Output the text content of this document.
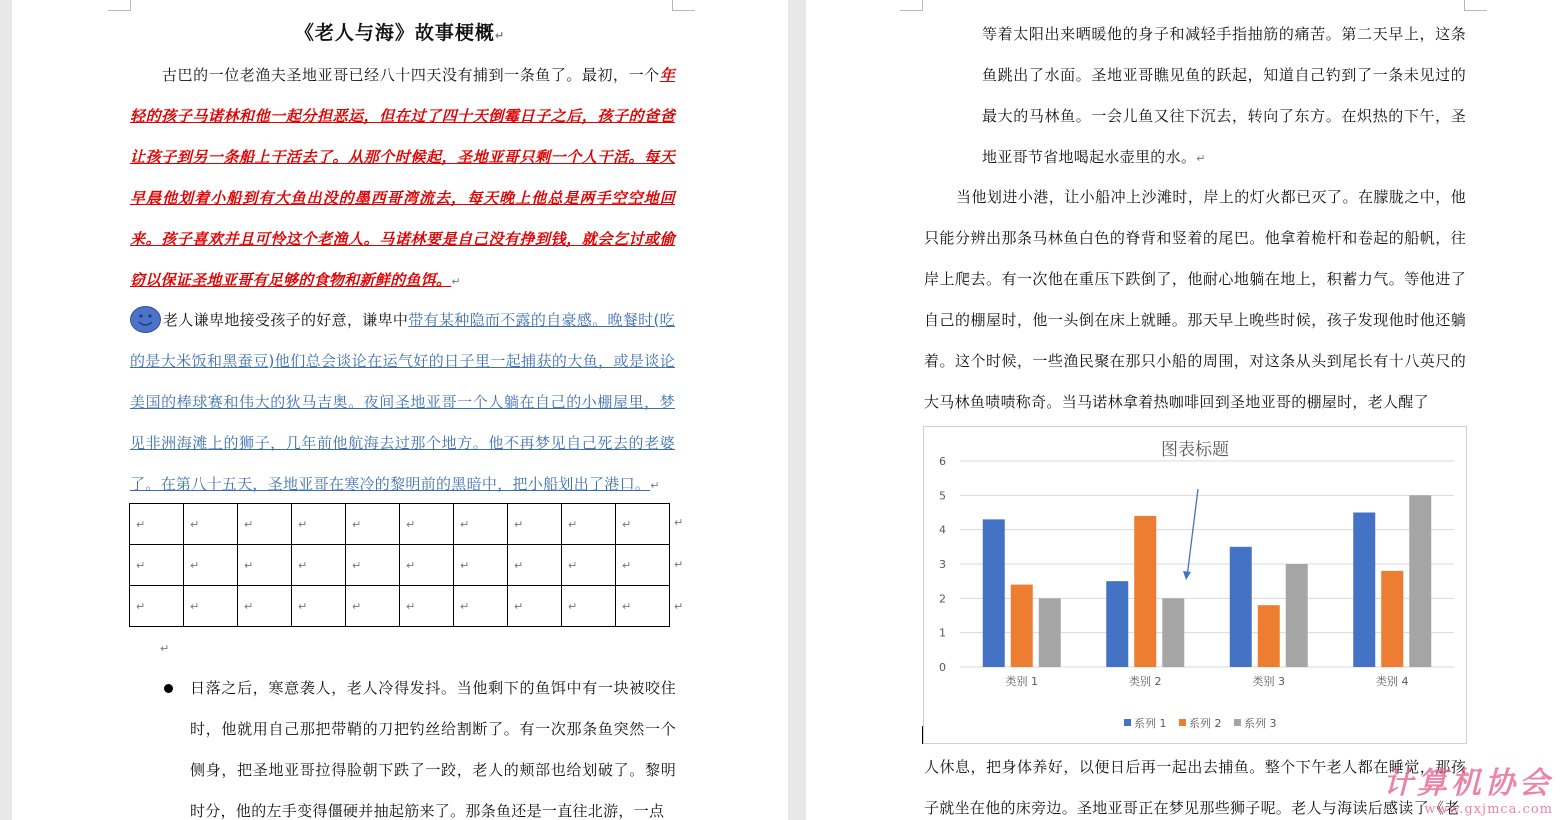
《老人与海》故事梗概↵

古巴的一位老渔夫圣地亚哥已经八十四天没有捕到一条鱼了。最初，一个年轻的孩子马诺林和他一起分担恶运，但在过了四十天倒霉日子之后，孩子的爸爸让孩子到另一条船上干活去了。从那个时候起，圣地亚哥只剩一个人干活。每天早晨他划着小船到有大鱼出没的墨西哥湾流去，每天晚上他总是两手空空地回来。孩子喜欢并且可怜这个老渔人。马诺林要是自己没有挣到钱，就会乞讨或偷窃以保证圣地亚哥有足够的食物和新鲜的鱼饵。↵

老人谦卑地接受孩子的好意，谦卑中带有某种隐而不露的自豪感。晚餐时(吃的是大米饭和黑蚕豆)他们总会谈论在运气好的日子里一起捕获的大鱼，或是谈论美国的棒球赛和伟大的狄马吉奥。夜间圣地亚哥一个人躺在自己的小棚屋里，梦见非洲海滩上的狮子，几年前他航海去过那个地方。他不再梦见自己死去的老婆了。在第八十五天，圣地亚哥在寒冷的黎明前的黑暗中，把小船划出了港口。↵

↵	↵	↵	↵	↵	↵	↵	↵	↵	↵
↵	↵	↵	↵	↵	↵	↵	↵	↵	↵
↵	↵	↵	↵	↵	↵	↵	↵	↵	↵
↵
↵
↵
↵

日落之后，寒意袭人，老人冷得发抖。当他剩下的鱼饵中有一块被咬住时，他就用自己那把带鞘的刀把钓丝给割断了。有一次那条鱼突然一个侧身，把圣地亚哥拉得脸朝下跌了一跤，老人的颊部也给划破了。黎明时分，他的左手变得僵硬并抽起筋来了。那条鱼还是一直往北游，一点

等着太阳出来晒暖他的身子和减轻手指抽筋的痛苦。第二天早上，这条鱼跳出了水面。圣地亚哥瞧见鱼的跃起，知道自己钓到了一条未见过的最大的马林鱼。一会儿鱼又往下沉去，转向了东方。在炽热的下午，圣地亚哥节省地喝起水壶里的水。↵

当他划进小港，让小船冲上沙滩时，岸上的灯火都已灭了。在朦胧之中，他只能分辨出那条马林鱼白色的脊背和竖着的尾巴。他拿着桅杆和卷起的船帆，往岸上爬去。有一次他在重压下跌倒了，他耐心地躺在地上，积蓄力气。等他进了自己的棚屋时，他一头倒在床上就睡。那天早上晚些时候，孩子发现他时他还躺着。这个时候，一些渔民聚在那只小船的周围，对这条从头到尾长有十八英尺的大马林鱼啧啧称奇。当马诺林拿着热咖啡回到圣地亚哥的棚屋时，老人醒了

图表标题
0
1
2
3
4
5
6
类别 1	类别 2	类别 3	类别 4
系列 1 系列 2 系列 3

人休息，把身体养好，以便日后再一起出去捕鱼。整个下午老人都在睡觉，那孩子就坐在他的床旁边。圣地亚哥正在梦见那些狮子呢。老人与海读后感读了《老

计算机协会
www.gxjmca.com
